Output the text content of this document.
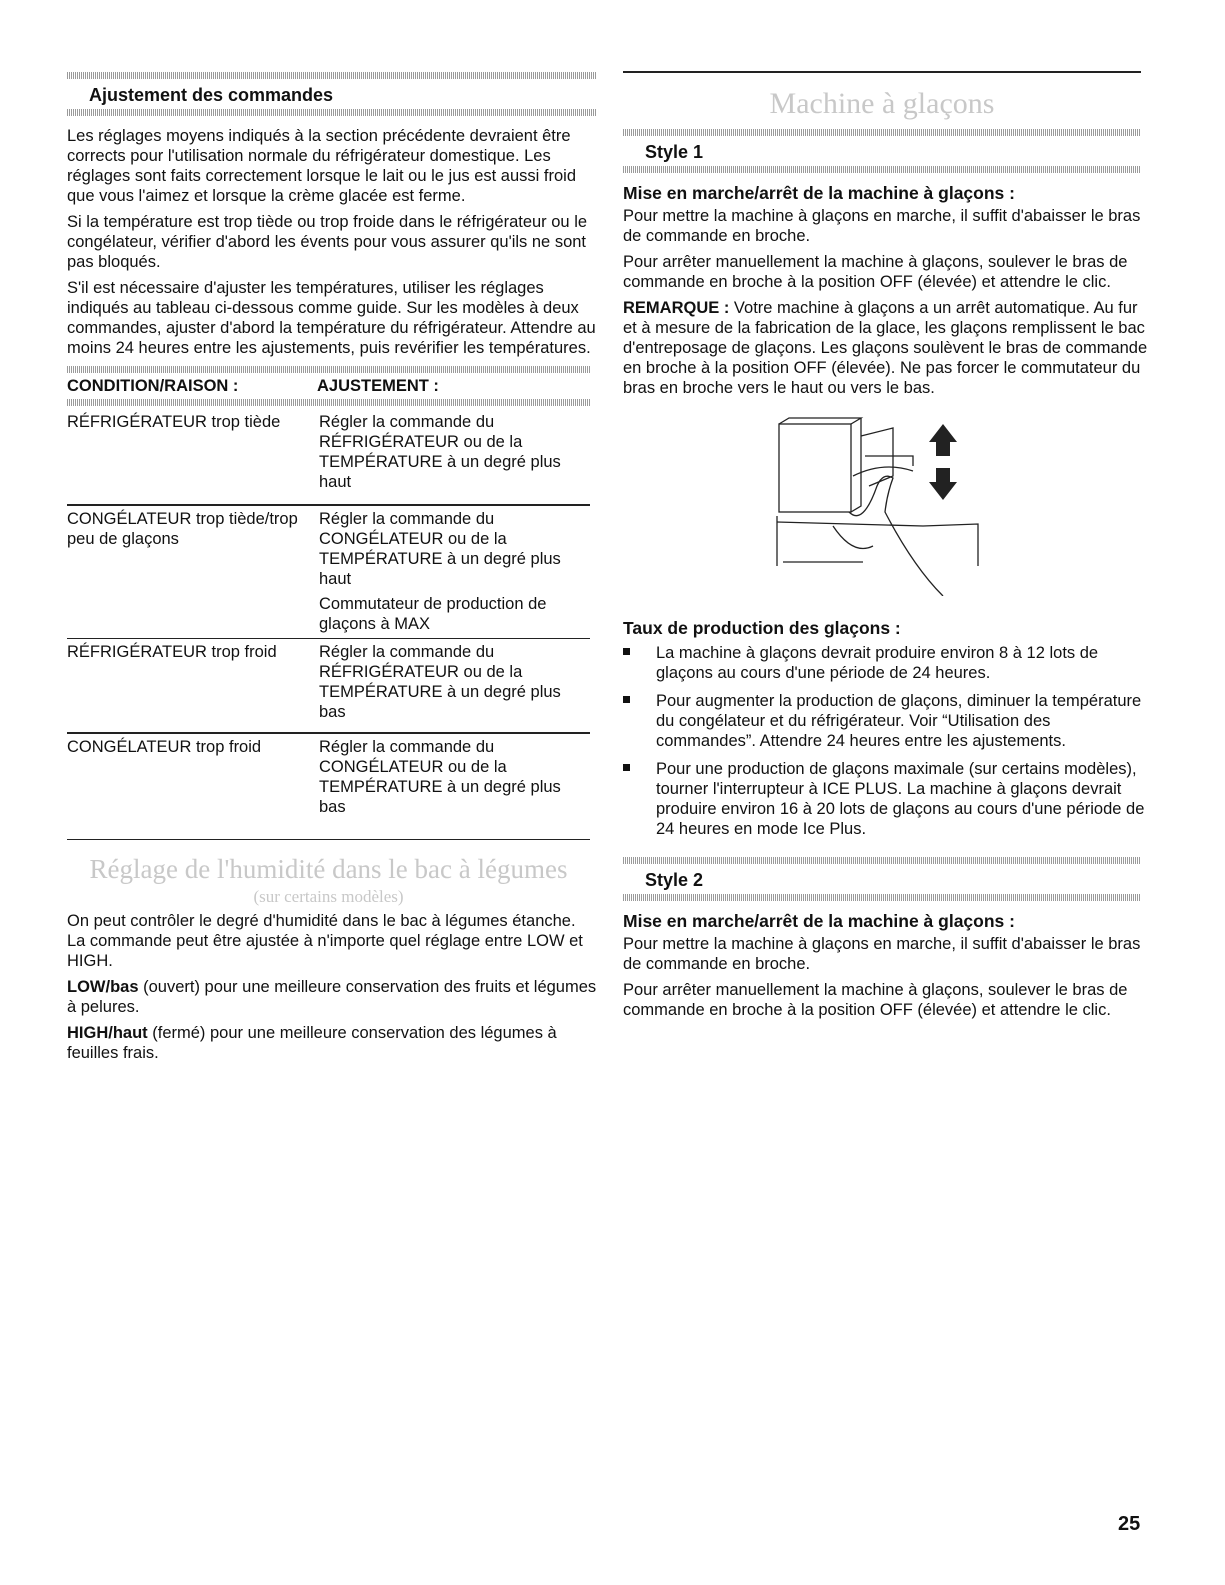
Ajustement des commandes

Les réglages moyens indiqués à la section précédente devraient être corrects pour l'utilisation normale du réfrigérateur domestique. Les réglages sont faits correctement lorsque le lait ou le jus est aussi froid que vous l'aimez et lorsque la crème glacée est ferme.

Si la température est trop tiède ou trop froide dans le réfrigérateur ou le congélateur, vérifier d'abord les évents pour vous assurer qu'ils ne sont pas bloqués.

S'il est nécessaire d'ajuster les températures, utiliser les réglages indiqués au tableau ci-dessous comme guide. Sur les modèles à deux commandes, ajuster d'abord la température du réfrigérateur. Attendre au moins 24 heures entre les ajustements, puis revérifier les températures.

CONDITION/RAISON :	AJUSTEMENT :
RÉFRIGÉRATEUR trop tiède	Régler la commande du RÉFRIGÉRATEUR ou de la TEMPÉRATURE à un degré plus haut

CONGÉLATEUR trop tiède/trop peu de glaçons	Régler la commande du CONGÉLATEUR ou de la TEMPÉRATURE à un degré plus haut
Commutateur de production de glaçons à MAX

RÉFRIGÉRATEUR trop froid	Régler la commande du RÉFRIGÉRATEUR ou de la TEMPÉRATURE à un degré plus bas

CONGÉLATEUR trop froid	Régler la commande du CONGÉLATEUR ou de la TEMPÉRATURE à un degré plus bas

Réglage de l'humidité dans le bac à légumes
(sur certains modèles)

On peut contrôler le degré d'humidité dans le bac à légumes étanche. La commande peut être ajustée à n'importe quel réglage entre LOW et HIGH.

LOW/bas (ouvert) pour une meilleure conservation des fruits et légumes à pelures.

HIGH/haut (fermé) pour une meilleure conservation des légumes à feuilles frais.

Machine à glaçons
Style 1
Mise en marche/arrêt de la machine à glaçons :

Pour mettre la machine à glaçons en marche, il suffit d'abaisser le bras de commande en broche.

Pour arrêter manuellement la machine à glaçons, soulever le bras de commande en broche à la position OFF (élevée) et attendre le clic.

REMARQUE : Votre machine à glaçons a un arrêt automatique. Au fur et à mesure de la fabrication de la glace, les glaçons remplissent le bac d'entreposage de glaçons. Les glaçons soulèvent le bras de commande en broche à la position OFF (élevée). Ne pas forcer le commutateur du bras en broche vers le haut ou vers le bas.

Taux de production des glaçons :

La machine à glaçons devrait produire environ 8 à 12 lots de glaçons au cours d'une période de 24 heures.

Pour augmenter la production de glaçons, diminuer la température du congélateur et du réfrigérateur. Voir “Utilisation des commandes”. Attendre 24 heures entre les ajustements.

Pour une production de glaçons maximale (sur certains modèles), tourner l'interrupteur à ICE PLUS. La machine à glaçons devrait produire environ 16 à 20 lots de glaçons au cours d'une période de 24 heures en mode Ice Plus.

Style 2
Mise en marche/arrêt de la machine à glaçons :

Pour mettre la machine à glaçons en marche, il suffit d'abaisser le bras de commande en broche.

Pour arrêter manuellement la machine à glaçons, soulever le bras de commande en broche à la position OFF (élevée) et attendre le clic.

25
